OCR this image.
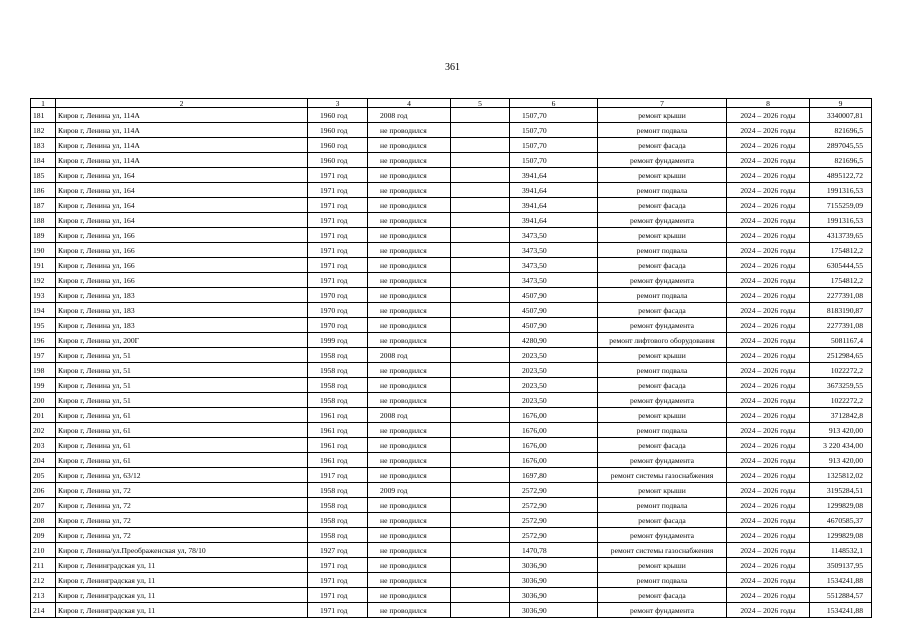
361
1	2	3	4	5	6	7	8	9
181	Киров г, Ленина ул, 114А	1960 год	2008 год		1507,70	ремонт крыши	2024 – 2026 годы	3340007,81
182	Киров г, Ленина ул, 114А	1960 год	не проводился		1507,70	ремонт подвала	2024 – 2026 годы	821696,5
183	Киров г, Ленина ул, 114А	1960 год	не проводился		1507,70	ремонт фасада	2024 – 2026 годы	2897045,55
184	Киров г, Ленина ул, 114А	1960 год	не проводился		1507,70	ремонт фундамента	2024 – 2026 годы	821696,5
185	Киров г, Ленина ул, 164	1971 год	не проводился		3941,64	ремонт крыши	2024 – 2026 годы	4895122,72
186	Киров г, Ленина ул, 164	1971 год	не проводился		3941,64	ремонт подвала	2024 – 2026 годы	1991316,53
187	Киров г, Ленина ул, 164	1971 год	не проводился		3941,64	ремонт фасада	2024 – 2026 годы	7155259,09
188	Киров г, Ленина ул, 164	1971 год	не проводился		3941,64	ремонт фундамента	2024 – 2026 годы	1991316,53
189	Киров г, Ленина ул, 166	1971 год	не проводился		3473,50	ремонт крыши	2024 – 2026 годы	4313739,65
190	Киров г, Ленина ул, 166	1971 год	не проводился		3473,50	ремонт подвала	2024 – 2026 годы	1754812,2
191	Киров г, Ленина ул, 166	1971 год	не проводился		3473,50	ремонт фасада	2024 – 2026 годы	6305444,55
192	Киров г, Ленина ул, 166	1971 год	не проводился		3473,50	ремонт фундамента	2024 – 2026 годы	1754812,2
193	Киров г, Ленина ул, 183	1970 год	не проводился		4507,90	ремонт подвала	2024 – 2026 годы	2277391,08
194	Киров г, Ленина ул, 183	1970 год	не проводился		4507,90	ремонт фасада	2024 – 2026 годы	8183190,87
195	Киров г, Ленина ул, 183	1970 год	не проводился		4507,90	ремонт фундамента	2024 – 2026 годы	2277391,08
196	Киров г, Ленина ул, 200Г	1999 год	не проводился		4280,90	ремонт лифтового оборудования	2024 – 2026 годы	5081167,4
197	Киров г, Ленина ул, 51	1958 год	2008 год		2023,50	ремонт крыши	2024 – 2026 годы	2512984,65
198	Киров г, Ленина ул, 51	1958 год	не проводился		2023,50	ремонт подвала	2024 – 2026 годы	1022272,2
199	Киров г, Ленина ул, 51	1958 год	не проводился		2023,50	ремонт фасада	2024 – 2026 годы	3673259,55
200	Киров г, Ленина ул, 51	1958 год	не проводился		2023,50	ремонт фундамента	2024 – 2026 годы	1022272,2
201	Киров г, Ленина ул, 61	1961 год	2008 год		1676,00	ремонт крыши	2024 – 2026 годы	3712842,8
202	Киров г, Ленина ул, 61	1961 год	не проводился		1676,00	ремонт подвала	2024 – 2026 годы	913 420,00
203	Киров г, Ленина ул, 61	1961 год	не проводился		1676,00	ремонт фасада	2024 – 2026 годы	3 220 434,00
204	Киров г, Ленина ул, 61	1961 год	не проводился		1676,00	ремонт фундамента	2024 – 2026 годы	913 420,00
205	Киров г, Ленина ул, 63/12	1917 год	не проводился		1697,80	ремонт системы газоснабжения	2024 – 2026 годы	1325812,02
206	Киров г, Ленина ул, 72	1958 год	2009 год		2572,90	ремонт крыши	2024 – 2026 годы	3195284,51
207	Киров г, Ленина ул, 72	1958 год	не проводился		2572,90	ремонт подвала	2024 – 2026 годы	1299829,08
208	Киров г, Ленина ул, 72	1958 год	не проводился		2572,90	ремонт фасада	2024 – 2026 годы	4670585,37
209	Киров г, Ленина ул, 72	1958 год	не проводился		2572,90	ремонт фундамента	2024 – 2026 годы	1299829,08
210	Киров г, Ленина/ул.Преображенская ул, 78/10	1927 год	не проводился		1470,78	ремонт системы газоснабжения	2024 – 2026 годы	1148532,1
211	Киров г, Ленинградская ул, 11	1971 год	не проводился		3036,90	ремонт крыши	2024 – 2026 годы	3509137,95
212	Киров г, Ленинградская ул, 11	1971 год	не проводился		3036,90	ремонт подвала	2024 – 2026 годы	1534241,88
213	Киров г, Ленинградская ул, 11	1971 год	не проводился		3036,90	ремонт фасада	2024 – 2026 годы	5512884,57
214	Киров г, Ленинградская ул, 11	1971 год	не проводился		3036,90	ремонт фундамента	2024 – 2026 годы	1534241,88
